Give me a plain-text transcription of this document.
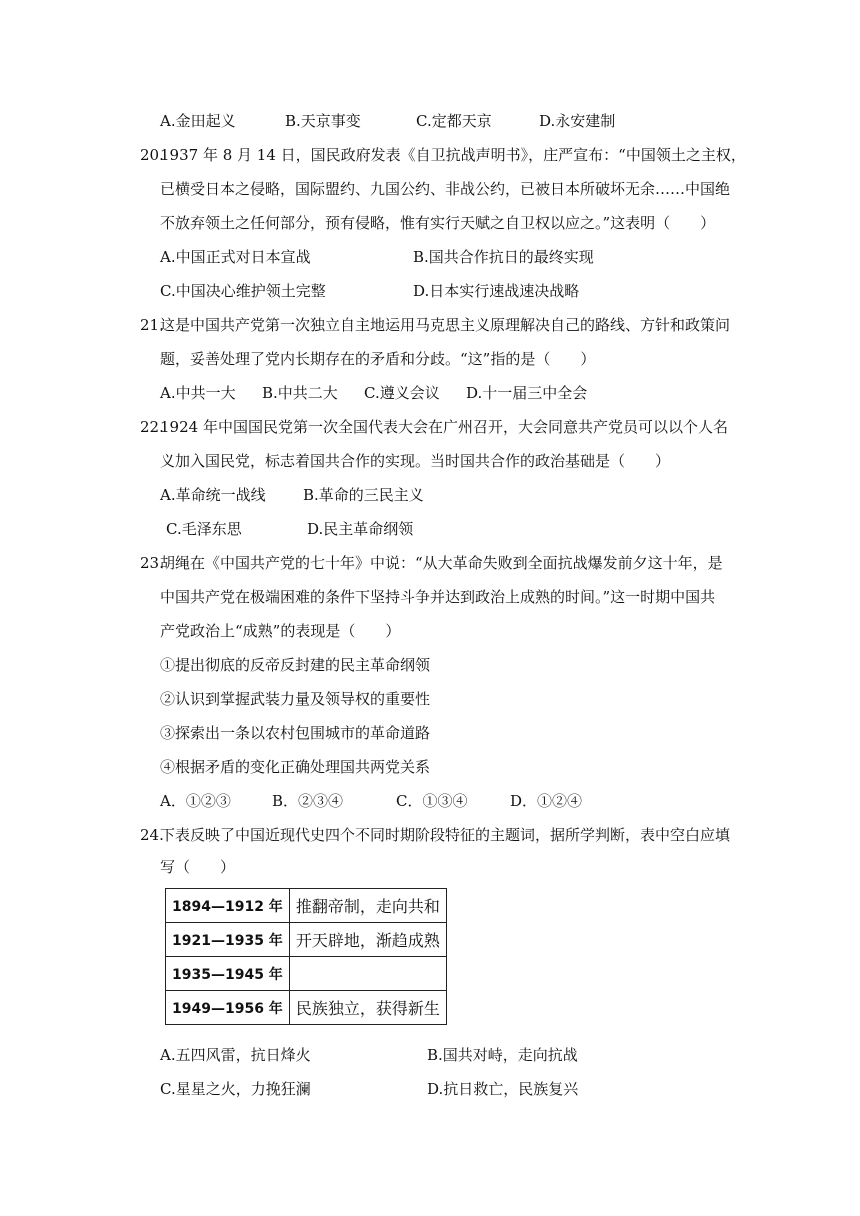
A.金田起义	B.天京事变	C.定都天京	D.永安建制
20.
1937 年 8 月 14 日，国民政府发表《自卫抗战声明书》，庄严宣布：“中国领土之主权，
已横受日本之侵略，国际盟约、九国公约、非战公约，已被日本所破坏无余……中国绝
不放弃领土之任何部分，预有侵略，惟有实行天赋之自卫权以应之。”这表明（　　）
A.中国正式对日本宣战	B.国共合作抗日的最终实现
C.中国决心维护领土完整	D.日本实行速战速决战略
21.
这是中国共产党第一次独立自主地运用马克思主义原理解决自己的路线、方针和政策问
题，妥善处理了党内长期存在的矛盾和分歧。“这”指的是（　　）
A.中共一大 B.中共二大 C.遵义会议 D.十一届三中全会
22.
1924 年中国国民党第一次全国代表大会在广州召开，大会同意共产党员可以以个人名
义加入国民党，标志着国共合作的实现。当时国共合作的政治基础是（　　）
A.革命统一战线 B.革命的三民主义
C.毛泽东思	D.民主革命纲领
23.
胡绳在《中国共产党的七十年》中说：“从大革命失败到全面抗战爆发前夕这十年，是
中国共产党在极端困难的条件下坚持斗争并达到政治上成熟的时间。”这一时期中国共
产党政治上“成熟”的表现是（　　）
①提出彻底的反帝反封建的民主革命纲领
②认识到掌握武装力量及领导权的重要性
③探索出一条以农村包围城市的革命道路
④根据矛盾的变化正确处理国共两党关系
A．①②③	B．②③④	C．①③④	D．①②④
24.
下表反映了中国近现代史四个不同时期阶段特征的主题词，据所学判断，表中空白应填
写（　　）
1894—1912 年	推翻帝制，走向共和
1921—1935 年	开天辟地，渐趋成熟
1935—1945 年	
1949—1956 年	民族独立，获得新生
A.五四风雷，抗日烽火	B.国共对峙，走向抗战
C.星星之火，力挽狂澜	D.抗日救亡，民族复兴
